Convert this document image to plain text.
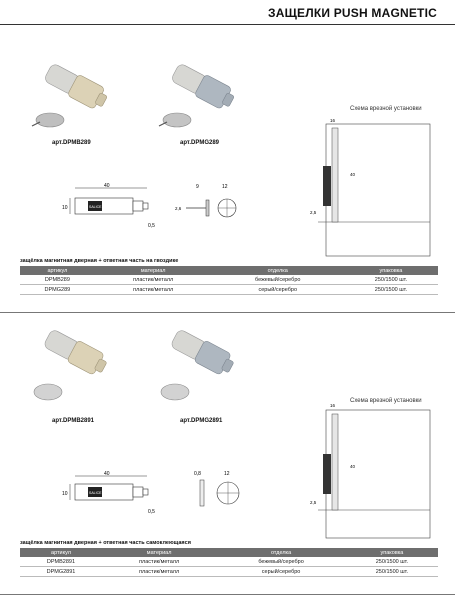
ЗАЩЕЛКИ PUSH MAGNETIC
арт.DPMB289	арт.DPMG289
40
SALICE
10
0,5
9	12
2,6
Схема врезной установки
16
40
2,5
защёлка магнитная дверная + ответная часть на гвоздике
артикул	материал	отделка	упаковка
DPMB289	пластик/металл	бежевый/серебро	250/1500 шт.
DPMG289	пластик/металл	серый/серебро	250/1500 шт.
арт.DPMB2891	арт.DPMG2891
40
SALICE
10
0,5
0,8	12
Схема врезной установки
16
40
2,5
защёлка магнитная дверная + ответная часть самоклеющаяся
артикул	материал	отделка	упаковка
DPMB2891	пластик/металл	бежевый/серебро	250/1500 шт.
DPMG2891	пластик/металл	серый/серебро	250/1500 шт.
